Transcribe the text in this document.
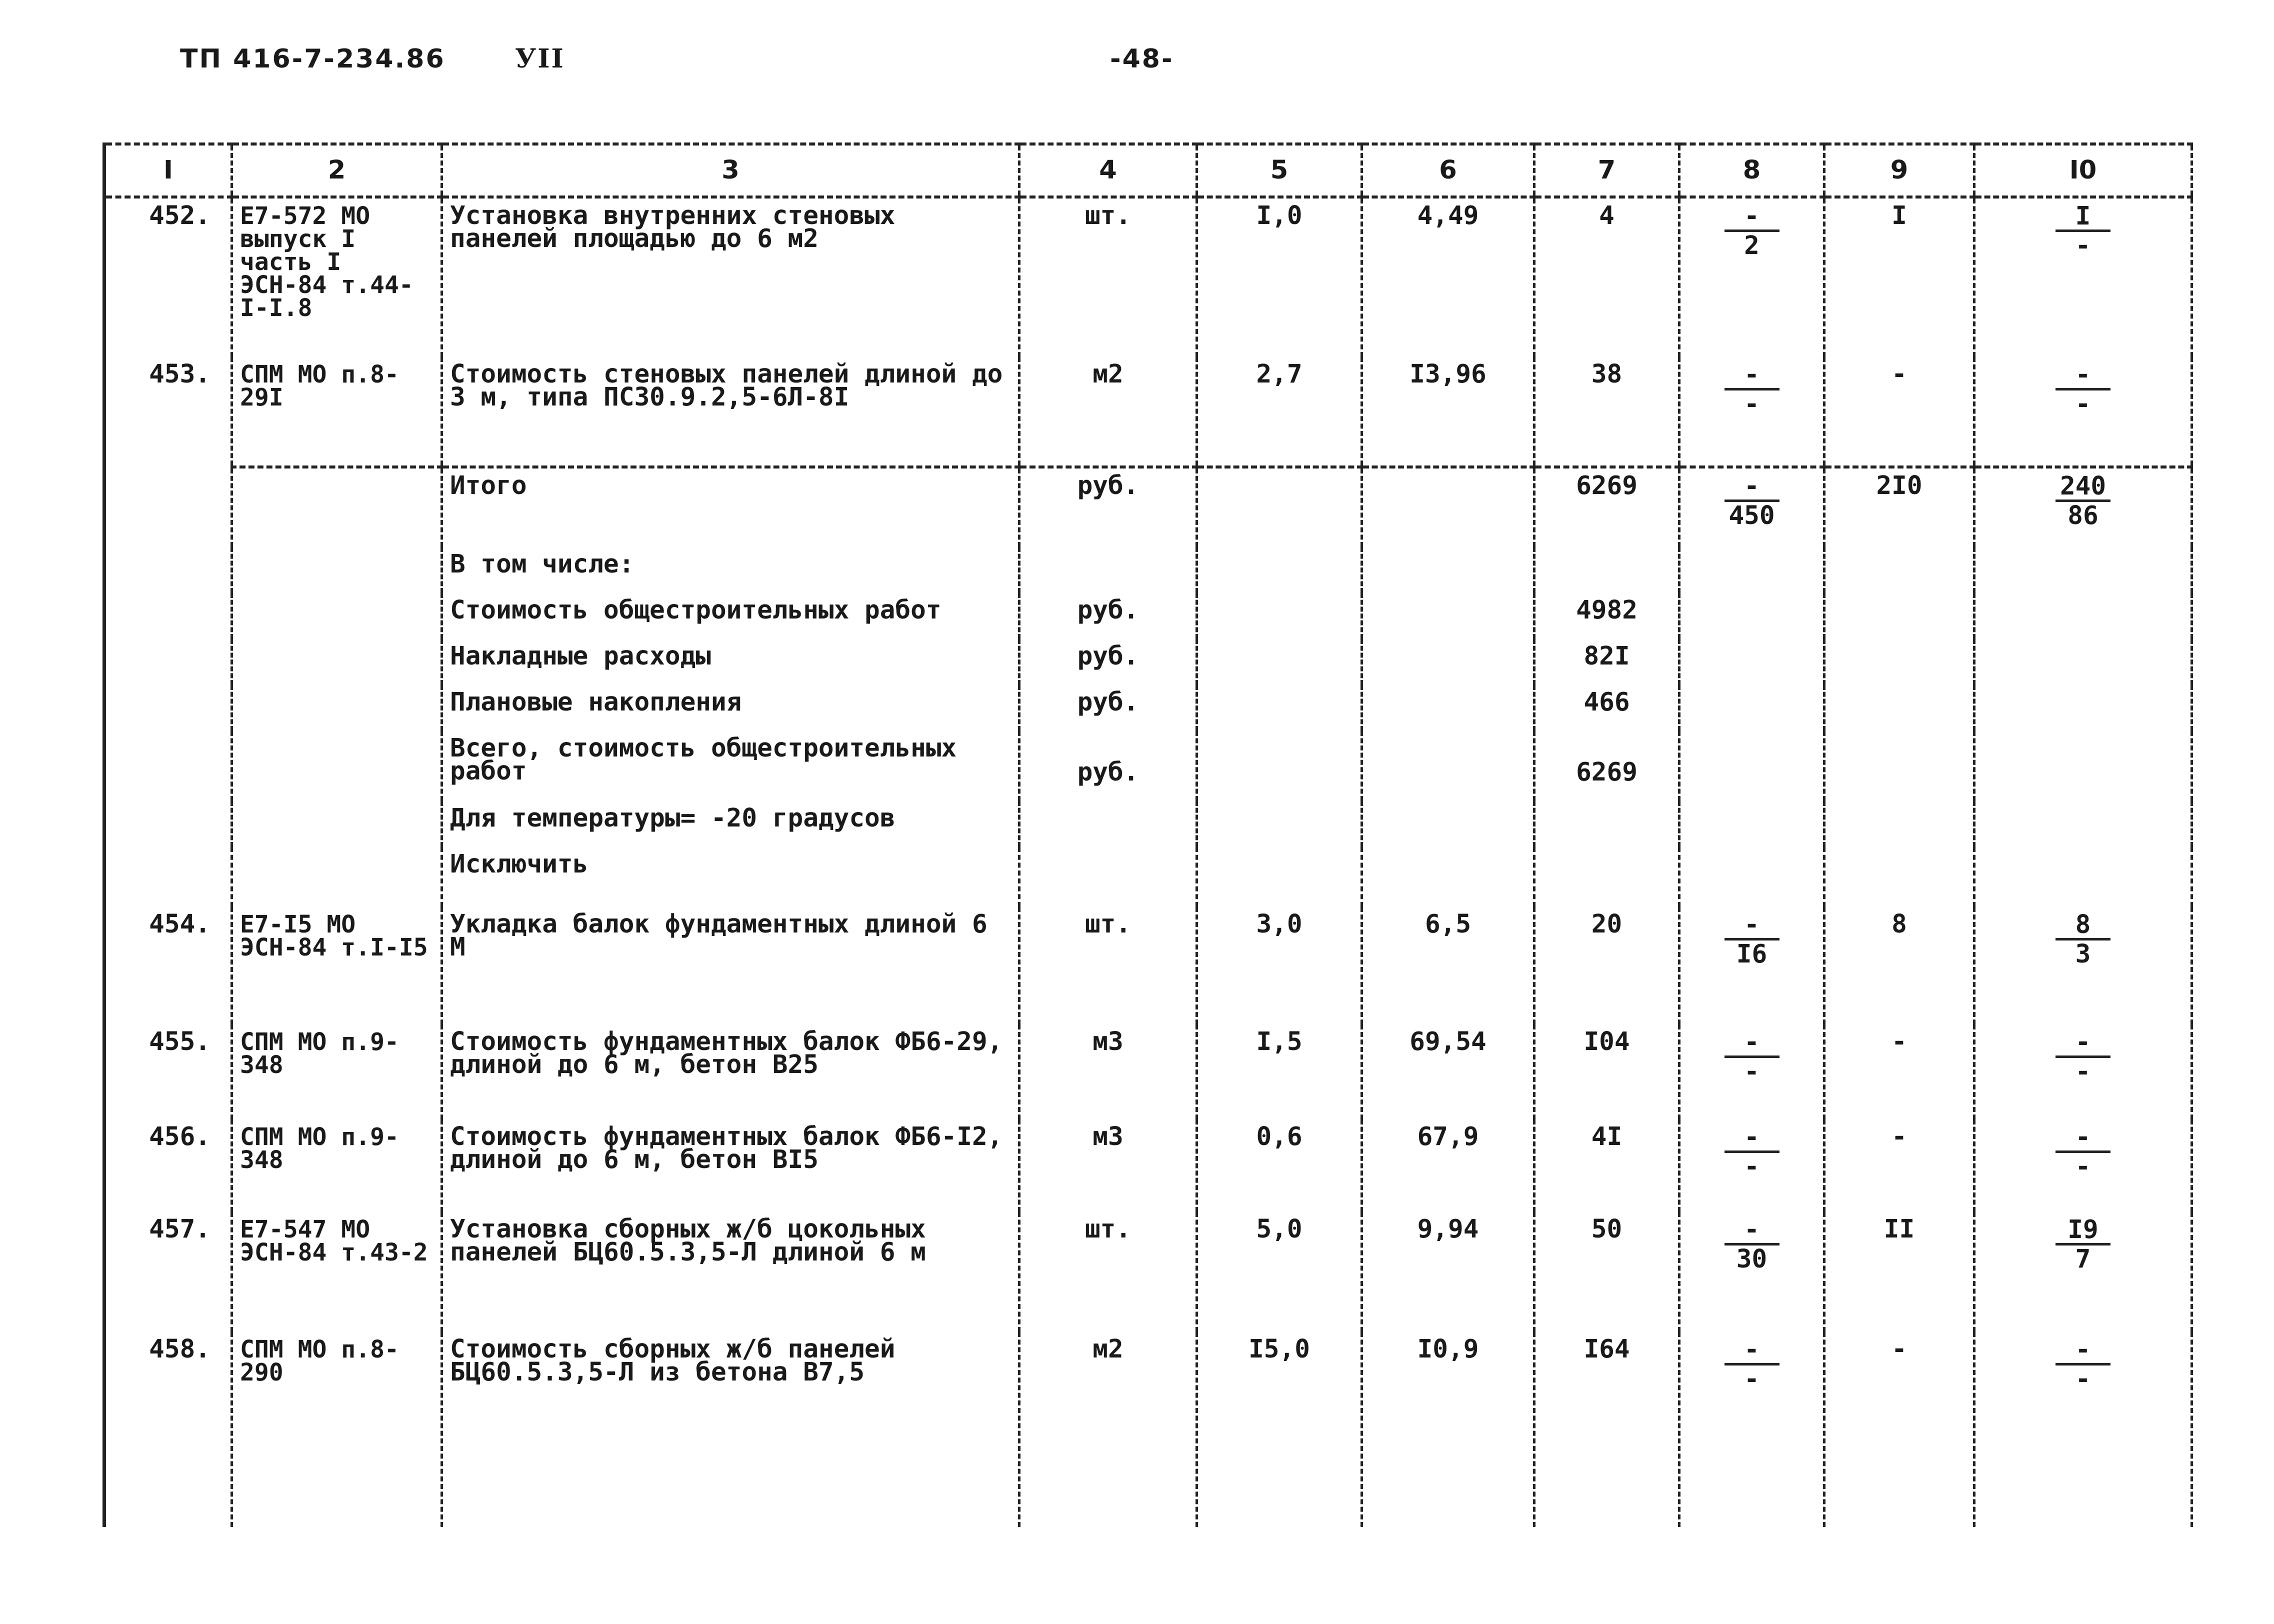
ТП 416-7-234.86	УII	-48-
I	2	3	4	5	6	7	8	9	I0
452.	Е7-572 МО выпуск I часть I ЭСН-84 т.44-I-I.8	Установка внутренних стеновых панелей площадью до 6 м2	шт.	I,0	4,49	4	$\frac{-}{2}$	I	$\frac{I}{-}$

453.	СПМ МО п.8-29I	Стоимость стеновых панелей длиной до 3 м, типа ПС30.9.2,5-6Л-8I	м2	2,7	I3,96	38	$\frac{-}{-}$	-	$\frac{-}{-}$

		Итого	руб.			6269	$\frac{-}{450}$	2I0	$\frac{240}{86}$

		В том числе:							
		Стоимость общестроительных работ	руб.			4982			
		Накладные расходы	руб.			82I			
		Плановые накопления	руб.			466			
		Всего, стоимость общестроительных работ	руб.			6269			
		Для температуры= -20 градусов							
		Исключить							
454.	Е7-I5 МО ЭСН-84 т.I-I5	Укладка балок фундаментных длиной 6 М	шт.	3,0	6,5	20	$\frac{-}{I6}$	8	$\frac{8}{3}$

455.	СПМ МО п.9-348	Стоимость фундаментных балок ФБ6-29, длиной до 6 м, бетон В25	м3	I,5	69,54	I04	$\frac{-}{-}$	-	$\frac{-}{-}$

456.	СПМ МО п.9-348	Стоимость фундаментных балок ФБ6-I2, длиной до 6 м, бетон ВI5	м3	0,6	67,9	4I	$\frac{-}{-}$	-	$\frac{-}{-}$

457.	Е7-547 МО ЭСН-84 т.43-2	Установка сборных ж/б цокольных панелей БЦ60.5.3,5-Л длиной 6 м	шт.	5,0	9,94	50	$\frac{-}{30}$	II	$\frac{I9}{7}$

458.	СПМ МО п.8-290	Стоимость сборных ж/б панелей БЦ60.5.3,5-Л из бетона В7,5	м2	I5,0	I0,9	I64	$\frac{-}{-}$	-	$\frac{-}{-}$
